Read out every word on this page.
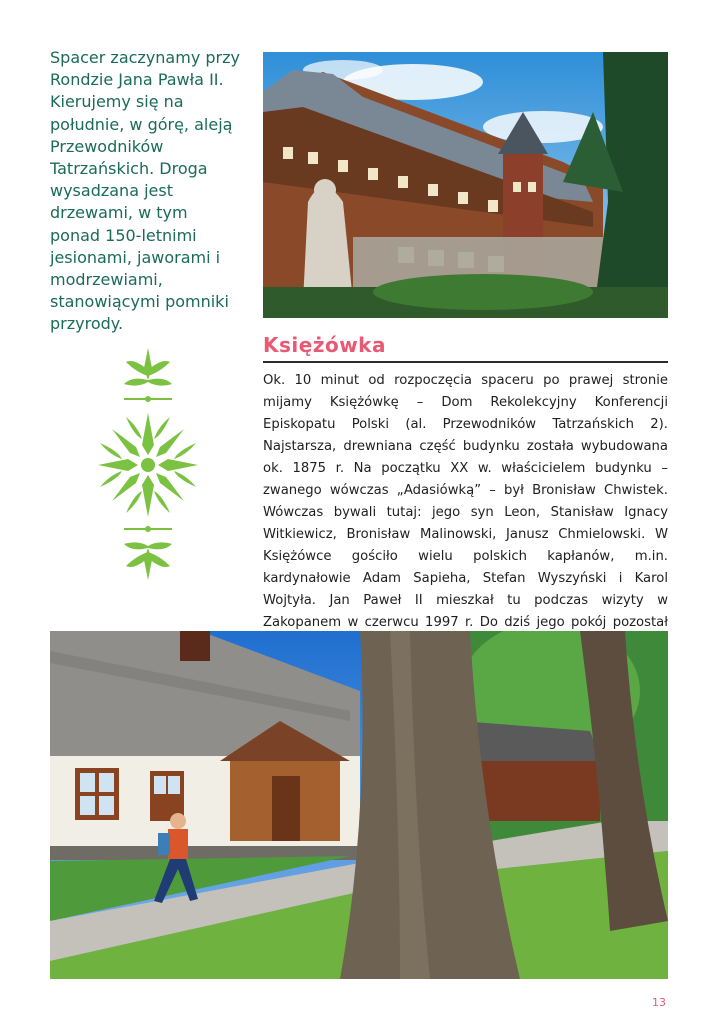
Spacer zaczynamy przy Rondzie Jana Pawła II. Kierujemy się na południe, w górę, aleją Przewodników Tatrzańskich. Droga wysadzana jest drzewami, w tym ponad 150-letnimi jesionami, jaworami i modrzewiami, stanowiącymi pomniki przyrody.
Księżówka
Ok. 10 minut od rozpoczęcia spaceru po prawej stronie mijamy Księżówkę – Dom Rekolekcyjny Konferencji Episkopatu Polski (al. Przewodników Tatrzańskich 2). Najstarsza, drewniana część budynku została wybudowana ok. 1875 r. Na początku XX w. właścicielem budynku – zwanego wówczas „Adasiówką” – był Bronisław Chwistek. Wówczas bywali tutaj: jego syn Leon, Stanisław Ignacy Witkiewicz, Bronisław Malinowski, Janusz Chmielowski. W Księżówce gościło wielu polskich kapłanów, m.in. kardynałowie Adam Sapieha, Stefan Wyszyński i Karol Wojtyła. Jan Paweł II mieszkał tu podczas wizyty w Zakopanem w czerwcu 1997 r. Do dziś jego pokój pozostał
13
